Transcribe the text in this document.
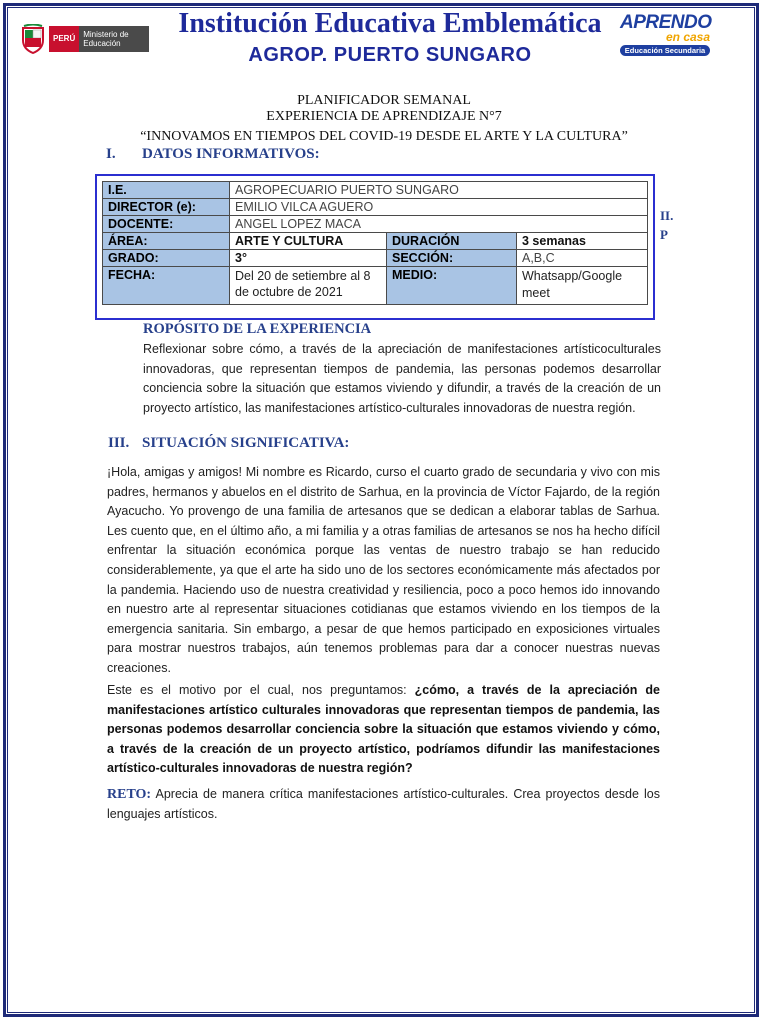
PERÚ	Ministerio de Educación
Institución Educativa Emblemática
AGROP. PUERTO SUNGARO
APRENDO
en casa
Educación Secundaria
PLANIFICADOR SEMANAL
EXPERIENCIA DE APRENDIZAJE N°7
“INNOVAMOS EN TIEMPOS DEL COVID-19 DESDE EL ARTE Y LA CULTURA”
I. DATOS INFORMATIVOS:
I.E.	AGROPECUARIO PUERTO SUNGARO		
DIRECTOR (e):	EMILIO VILCA AGUERO		
DOCENTE:	ANGEL LOPEZ MACA		
ÁREA:	ARTE Y CULTURA	DURACIÓN	3 semanas
GRADO:	3°	SECCIÓN:	A,B,C
FECHA:	Del 20 de setiembre al 8 de octubre de 2021	MEDIO:	Whatsapp/Google meet
II.
P
ROPÓSITO DE LA EXPERIENCIA
Reflexionar sobre cómo, a través de la apreciación de manifestaciones artísticoculturales innovadoras, que representan tiempos de pandemia, las personas podemos desarrollar conciencia sobre la situación que estamos viviendo y difundir, a través de la creación de un proyecto artístico, las manifestaciones artístico-culturales innovadoras de nuestra región.
III. SITUACIÓN SIGNIFICATIVA:
¡Hola, amigas y amigos! Mi nombre es Ricardo, curso el cuarto grado de secundaria y vivo con mis padres, hermanos y abuelos en el distrito de Sarhua, en la provincia de Víctor Fajardo, de la región Ayacucho. Yo provengo de una familia de artesanos que se dedican a elaborar tablas de Sarhua. Les cuento que, en el último año, a mi familia y a otras familias de artesanos se nos ha hecho difícil enfrentar la situación económica porque las ventas de nuestro trabajo se han reducido considerablemente, ya que el arte ha sido uno de los sectores económicamente más afectados por la pandemia. Haciendo uso de nuestra creatividad y resiliencia, poco a poco hemos ido innovando en nuestro arte al representar situaciones cotidianas que estamos viviendo en los tiempos de la emergencia sanitaria. Sin embargo, a pesar de que hemos participado en exposiciones virtuales para mostrar nuestros trabajos, aún tenemos problemas para dar a conocer nuestras nuevas creaciones.
Este es el motivo por el cual, nos preguntamos: ¿cómo, a través de la apreciación de manifestaciones artístico culturales innovadoras que representan tiempos de pandemia, las personas podemos desarrollar conciencia sobre la situación que estamos viviendo y cómo, a través de la creación de un proyecto artístico, podríamos difundir las manifestaciones artístico-culturales innovadoras de nuestra región?
RETO: Aprecia de manera crítica manifestaciones artístico-culturales. Crea proyectos desde los lenguajes artísticos.
